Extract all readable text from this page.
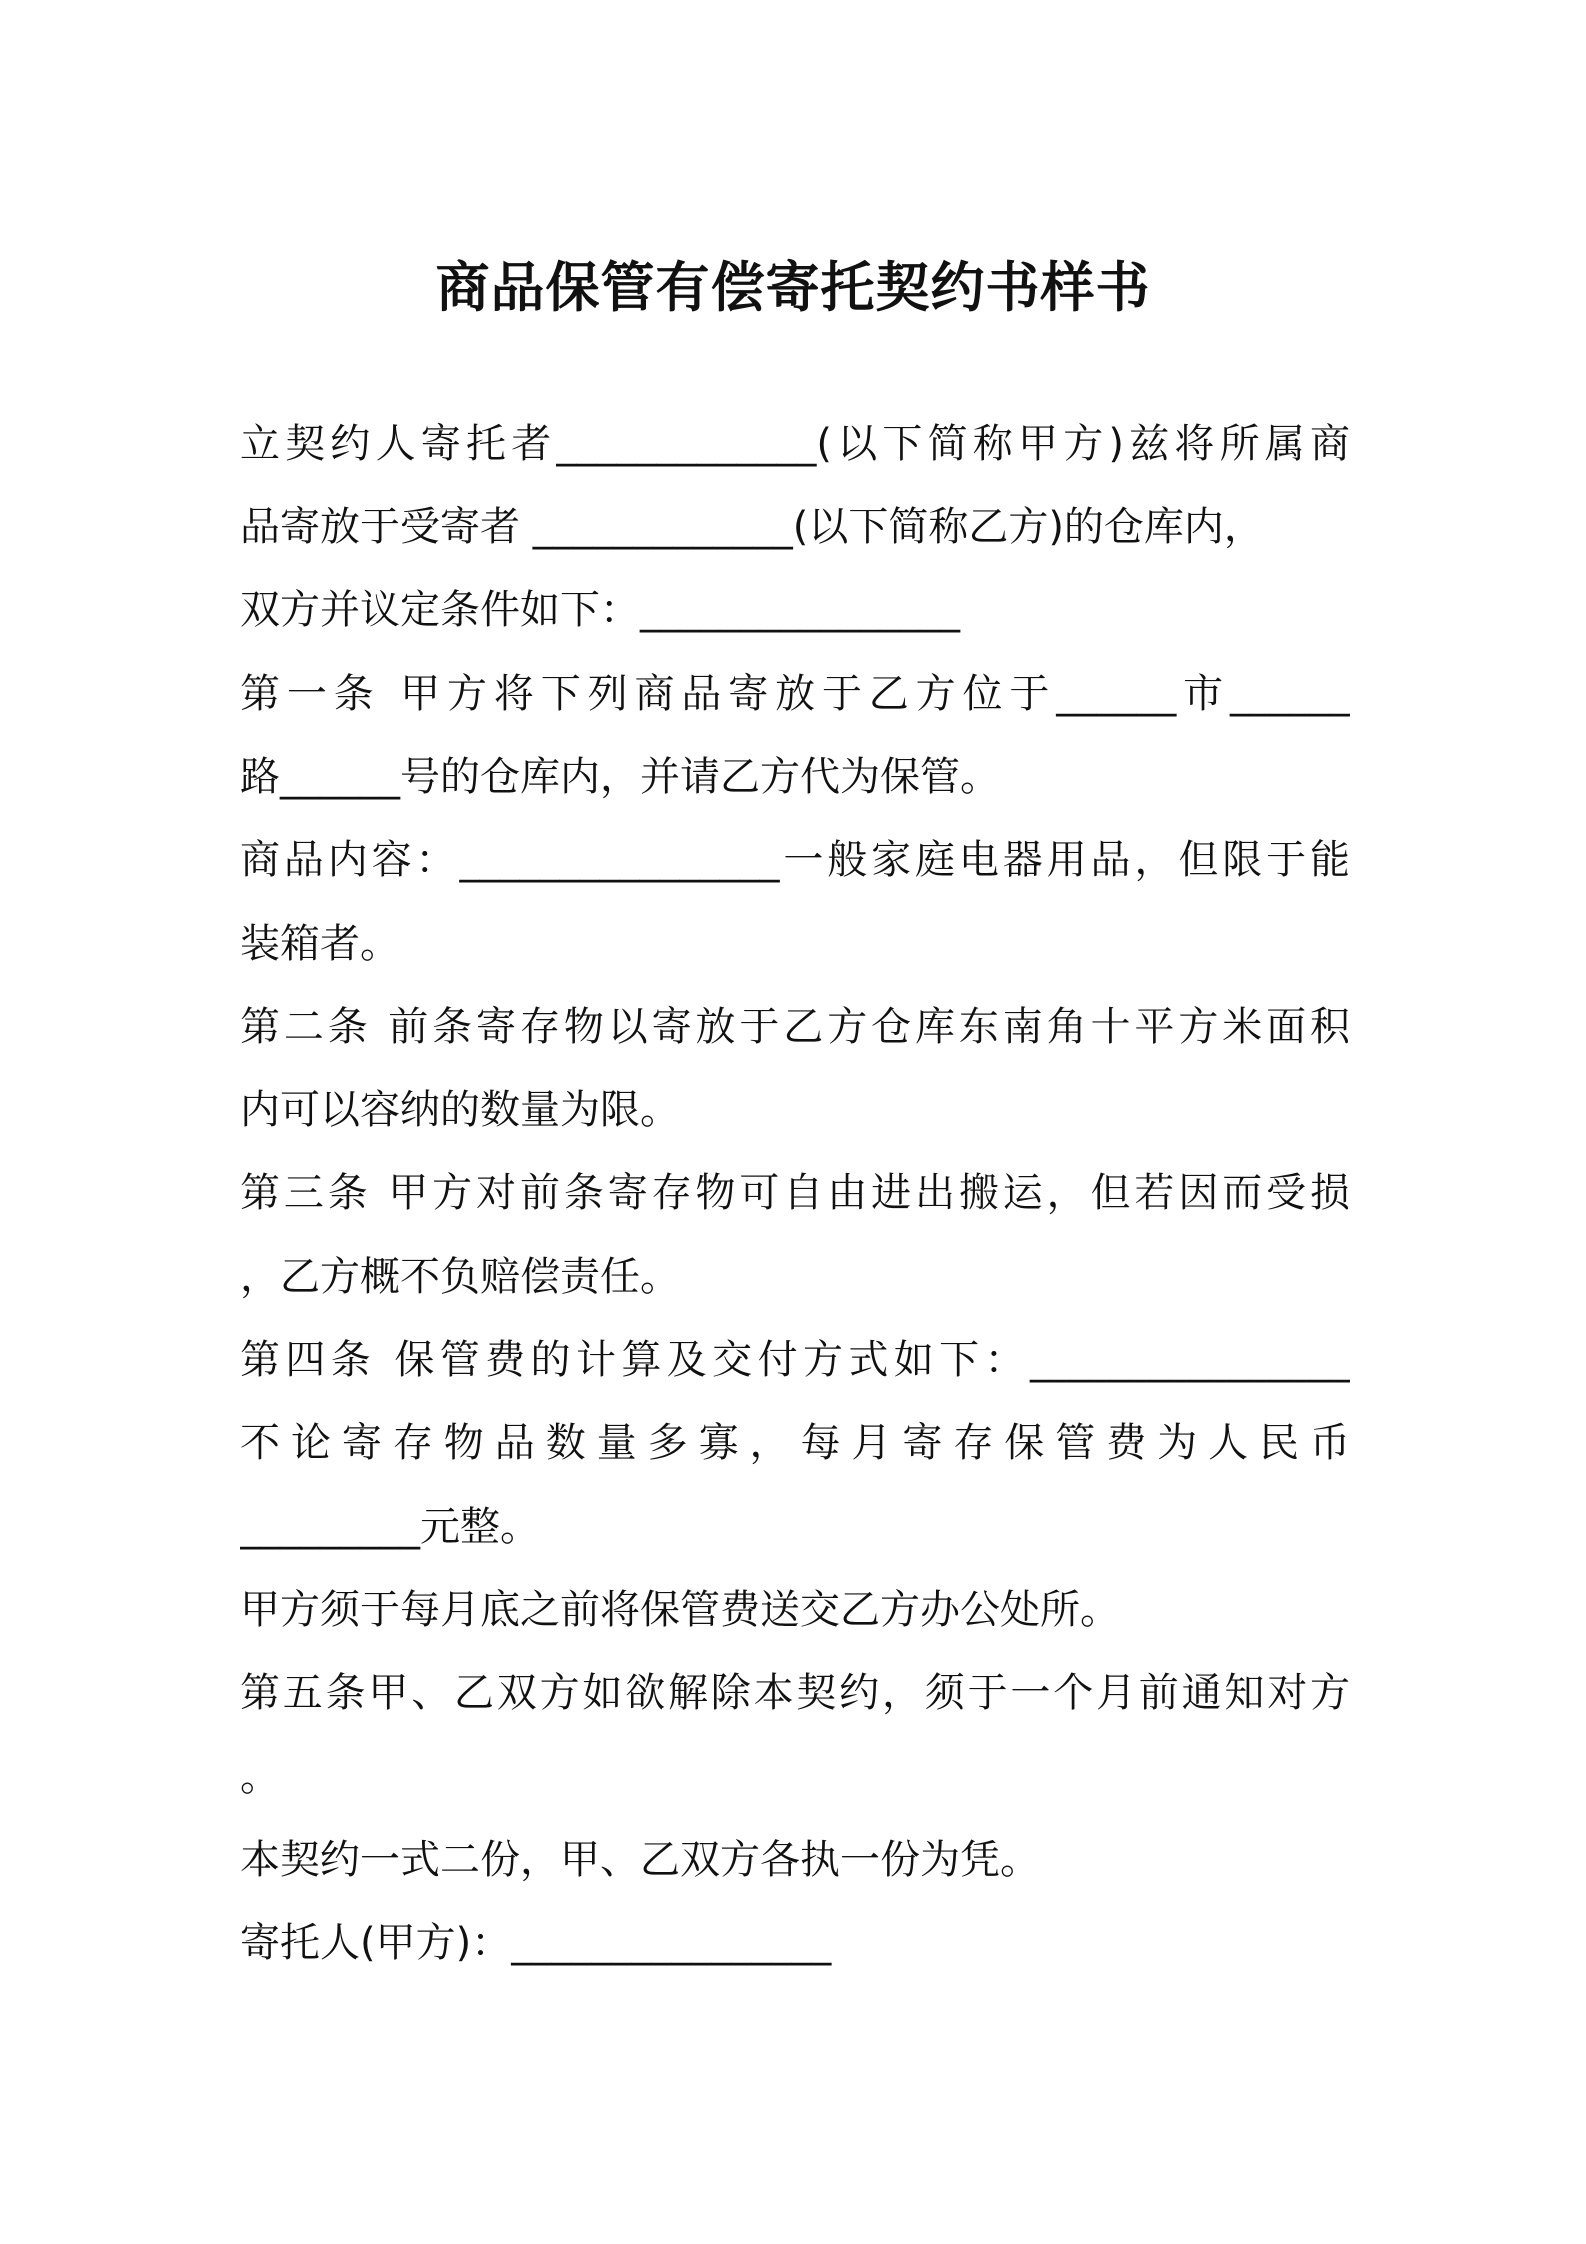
商品保管有偿寄托契约书样书
立契约人寄托者_____________(以下简称甲方)兹将所属商
品寄放于受寄者 _____________(以下简称乙方)的仓库内，
双方并议定条件如下：________________
第一条 甲方将下列商品寄放于乙方位于______市______
路______号的仓库内，并请乙方代为保管。
商品内容：________________一般家庭电器用品，但限于能
装箱者。
第二条 前条寄存物以寄放于乙方仓库东南角十平方米面积
内可以容纳的数量为限。
第三条 甲方对前条寄存物可自由进出搬运，但若因而受损
，乙方概不负赔偿责任。
第四条 保管费的计算及交付方式如下：________________
不论寄存物品数量多寡，每月寄存保管费为人民币
_________元整。
甲方须于每月底之前将保管费送交乙方办公处所。
第五条甲、乙双方如欲解除本契约，须于一个月前通知对方
。
本契约一式二份，甲、乙双方各执一份为凭。
寄托人(甲方)：________________
